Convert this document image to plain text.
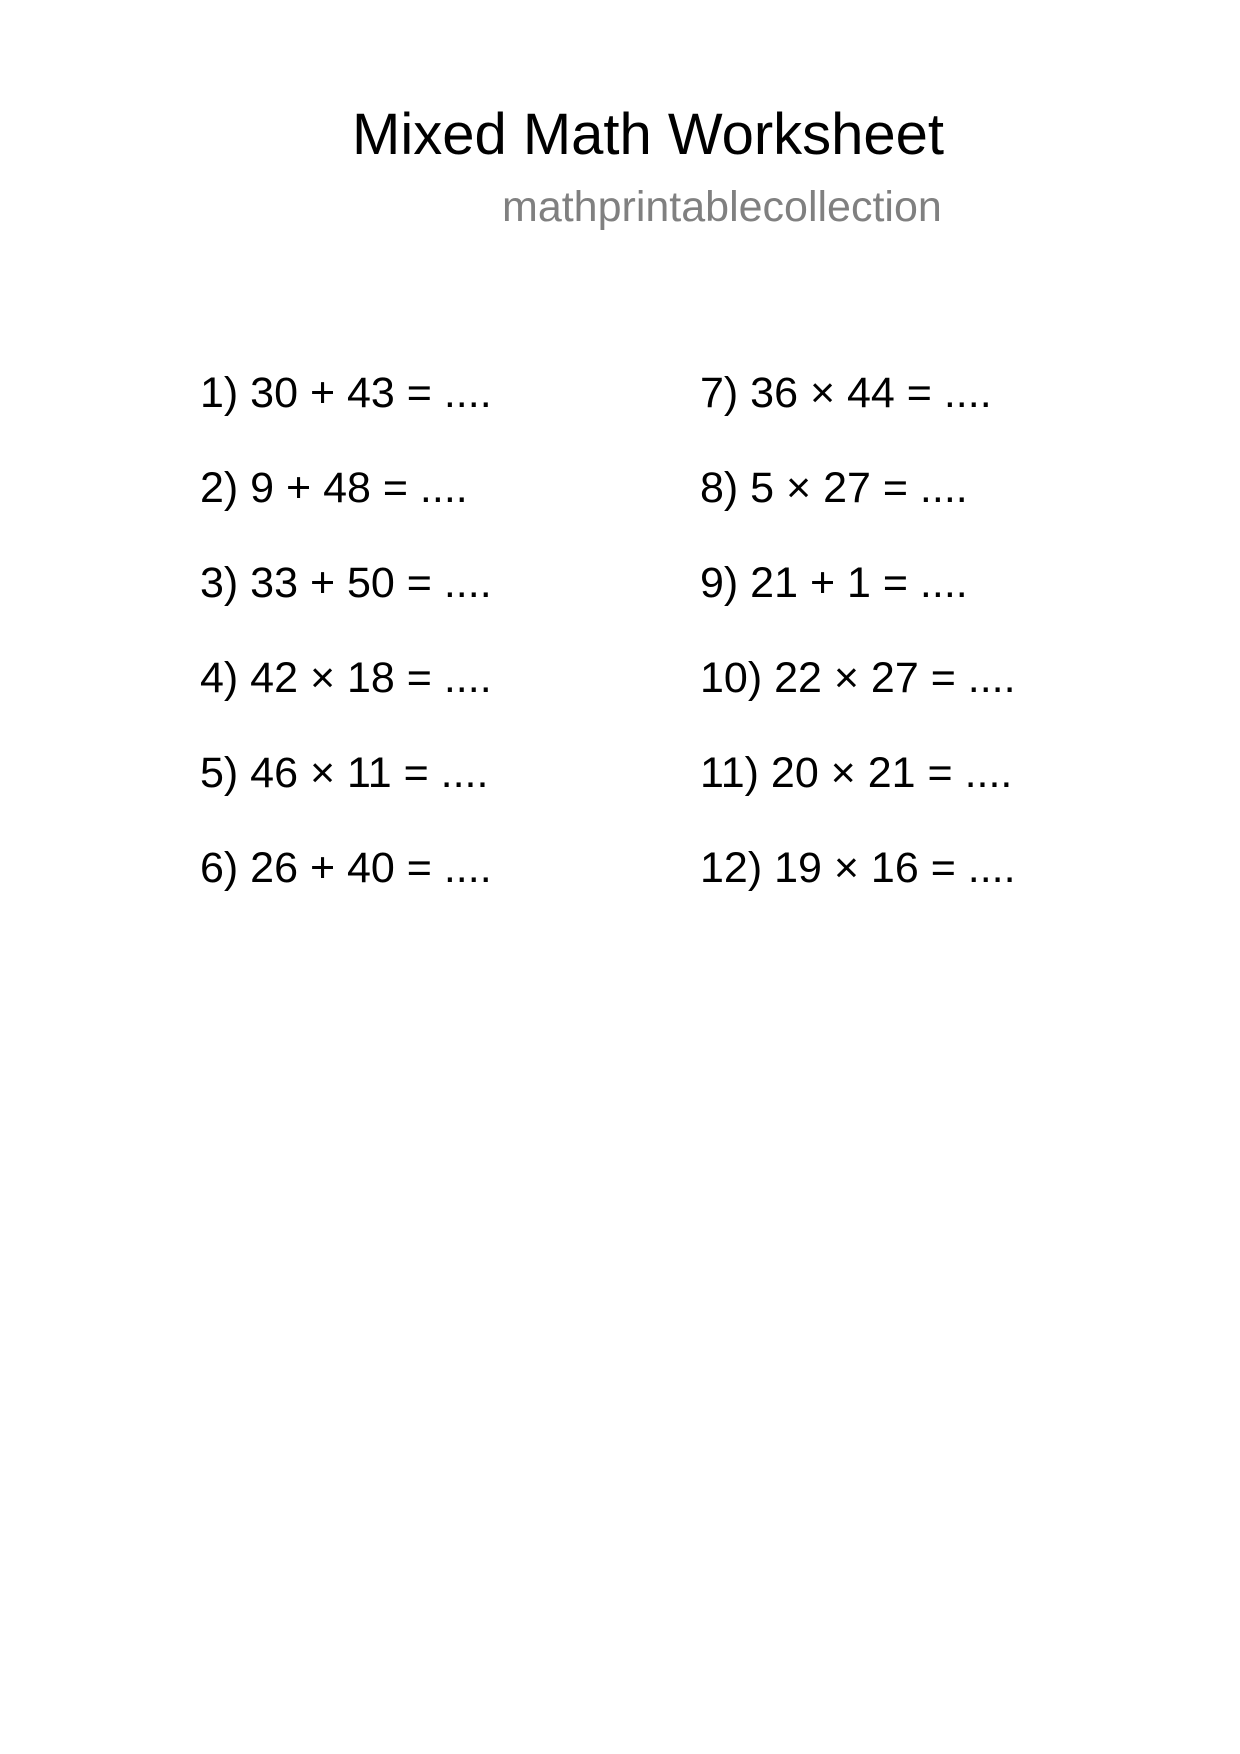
Mixed Math Worksheet
mathprintablecollection
1) 30 + 43 = ....
2) 9 + 48 = ....
3) 33 + 50 = ....
4) 42 × 18 = ....
5) 46 × 11 = ....
6) 26 + 40 = ....
7) 36 × 44 = ....
8) 5 × 27 = ....
9) 21 + 1 = ....
10) 22 × 27 = ....
11) 20 × 21 = ....
12) 19 × 16 = ....
